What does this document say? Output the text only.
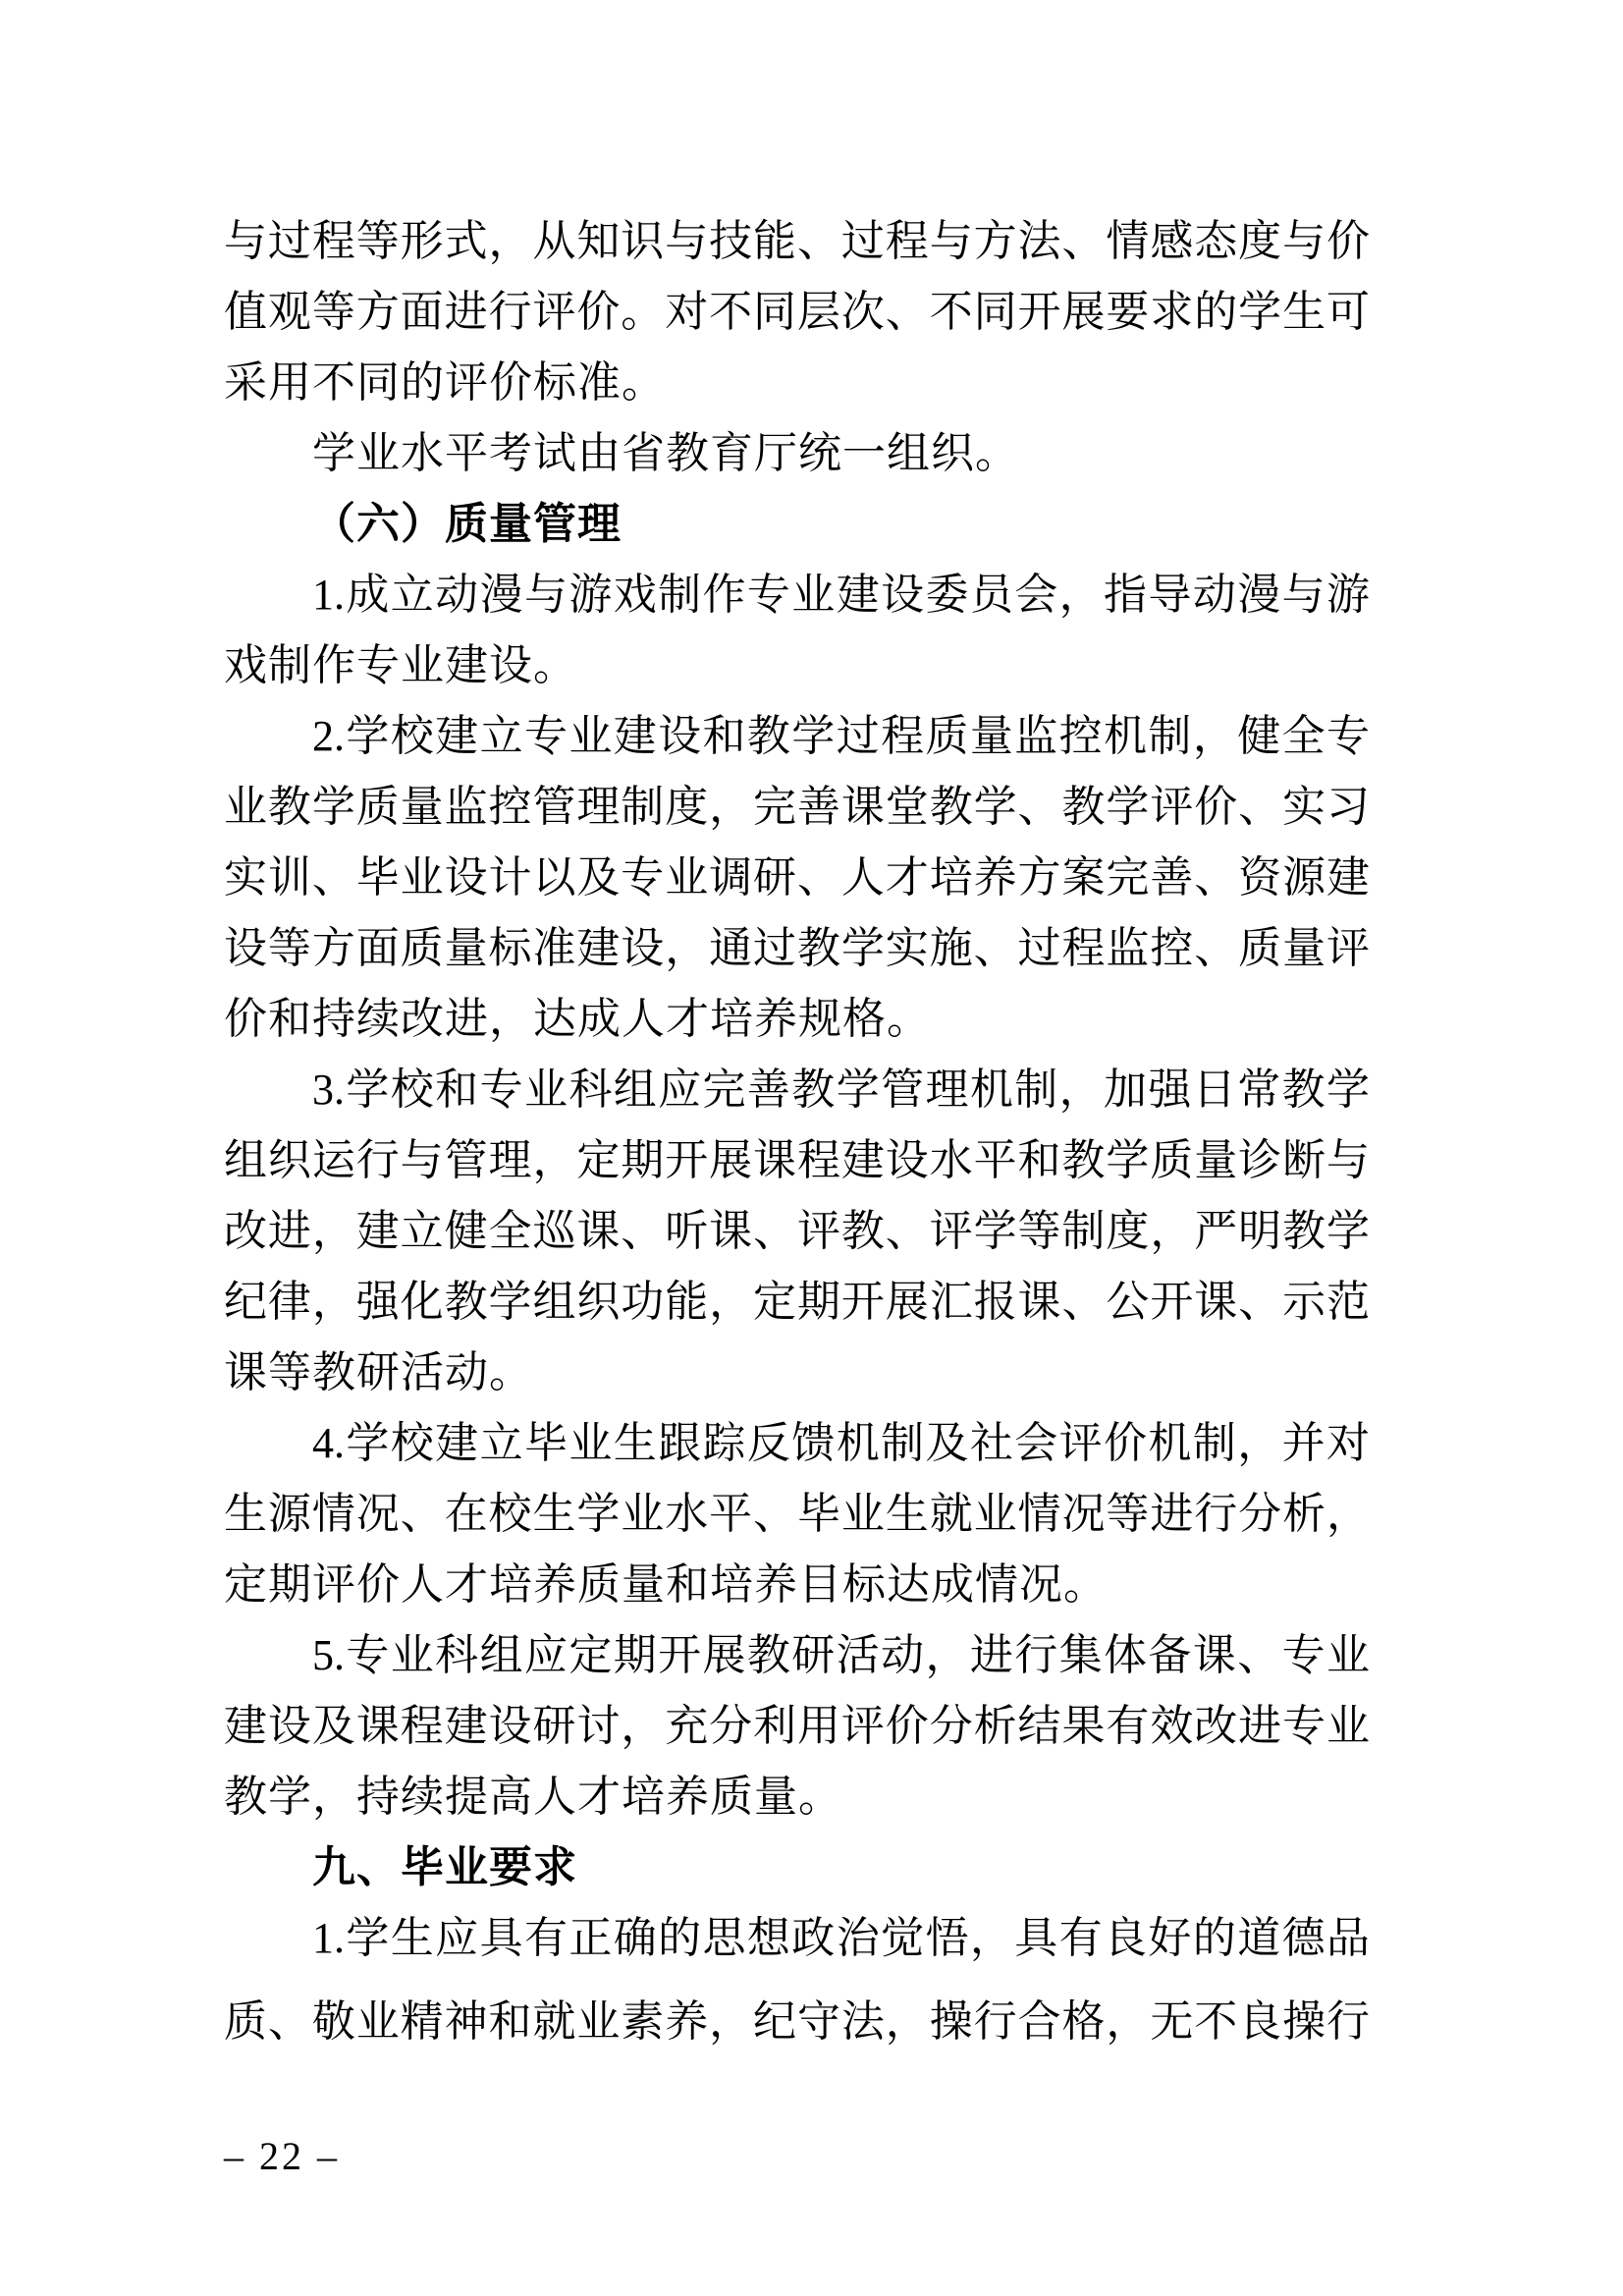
与过程等形式，从知识与技能、过程与方法、情感态度与价
值观等方面进行评价。对不同层次、不同开展要求的学生可
采用不同的评价标准。
学业水平考试由省教育厅统一组织。
（六）质量管理
1.成立动漫与游戏制作专业建设委员会，指导动漫与游
戏制作专业建设。
2.学校建立专业建设和教学过程质量监控机制，健全专
业教学质量监控管理制度，完善课堂教学、教学评价、实习
实训、毕业设计以及专业调研、人才培养方案完善、资源建
设等方面质量标准建设，通过教学实施、过程监控、质量评
价和持续改进，达成人才培养规格。
3.学校和专业科组应完善教学管理机制，加强日常教学
组织运行与管理，定期开展课程建设水平和教学质量诊断与
改进，建立健全巡课、听课、评教、评学等制度，严明教学
纪律，强化教学组织功能，定期开展汇报课、公开课、示范
课等教研活动。
4.学校建立毕业生跟踪反馈机制及社会评价机制，并对
生源情况、在校生学业水平、毕业生就业情况等进行分析，
定期评价人才培养质量和培养目标达成情况。
5.专业科组应定期开展教研活动，进行集体备课、专业
建设及课程建设研讨，充分利用评价分析结果有效改进专业
教学，持续提高人才培养质量。
九、毕业要求
1.学生应具有正确的思想政治觉悟，具有良好的道德品
质、敬业精神和就业素养，纪守法，操行合格，无不良操行
– 22 –
